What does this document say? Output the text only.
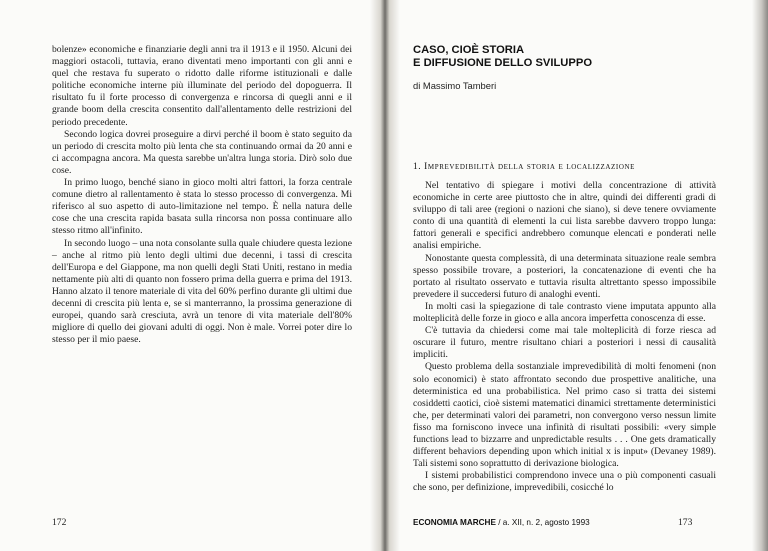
bolenze» economiche e finanziarie degli anni tra il 1913 e il 1950. Alcuni dei maggiori ostacoli, tuttavia, erano diventati meno importanti con gli anni e quel che restava fu superato o ridotto dalle riforme istituzionali e dalle politiche economiche interne più illuminate del periodo del dopoguerra. Il risultato fu il forte processo di convergenza e rincorsa di quegli anni e il grande boom della crescita consentito dall'allentamento delle restrizioni del periodo precedente.

Secondo logica dovrei proseguire a dirvi perché il boom è stato seguito da un periodo di crescita molto più lenta che sta continuando ormai da 20 anni e ci accompagna ancora. Ma questa sarebbe un'altra lunga storia. Dirò solo due cose.

In primo luogo, benché siano in gioco molti altri fattori, la forza centrale comune dietro al rallentamento è stata lo stesso processo di convergenza. Mi riferisco al suo aspetto di auto-limitazione nel tempo. È nella natura delle cose che una crescita rapida basata sulla rincorsa non possa continuare allo stesso ritmo all'infinito.

In secondo luogo – una nota consolante sulla quale chiudere questa lezione – anche al ritmo più lento degli ultimi due decenni, i tassi di crescita dell'Europa e del Giappone, ma non quelli degli Stati Uniti, restano in media nettamente più alti di quanto non fossero prima della guerra e prima del 1913. Hanno alzato il tenore materiale di vita del 60% perfino durante gli ultimi due decenni di crescita più lenta e, se si manterranno, la prossima generazione di europei, quando sarà cresciuta, avrà un tenore di vita materiale dell'80% migliore di quello dei giovani adulti di oggi. Non è male. Vorrei poter dire lo stesso per il mio paese.

172
CASO, CIOÈ STORIA
E DIFFUSIONE DELLO SVILUPPO
di Massimo Tamberi
1. Imprevedibilità della storia e localizzazione

Nel tentativo di spiegare i motivi della concentrazione di attività economiche in certe aree piuttosto che in altre, quindi dei differenti gradi di sviluppo di tali aree (regioni o nazioni che siano), si deve tenere ovviamente conto di una quantità di elementi la cui lista sarebbe davvero troppo lunga: fattori generali e specifici andrebbero comunque elencati e ponderati nelle analisi empiriche.

Nonostante questa complessità, di una determinata situazione reale sembra spesso possibile trovare, a posteriori, la concatenazione di eventi che ha portato al risultato osservato e tuttavia risulta altrettanto spesso impossibile prevedere il succedersi futuro di analoghi eventi.

In molti casi la spiegazione di tale contrasto viene imputata appunto alla molteplicità delle forze in gioco e alla ancora imperfetta conoscenza di esse.

C'è tuttavia da chiedersi come mai tale molteplicità di forze riesca ad oscurare il futuro, mentre risultano chiari a posteriori i nessi di causalità impliciti.

Questo problema della sostanziale imprevedibilità di molti fenomeni (non solo economici) è stato affrontato secondo due prospettive analitiche, una deterministica ed una probabilistica. Nel primo caso si tratta dei sistemi cosiddetti caotici, cioè sistemi matematici dinamici strettamente deterministici che, per determinati valori dei parametri, non convergono verso nessun limite fisso ma forniscono invece una infinità di risultati possibili: «very simple functions lead to bizzarre and unpredictable results . . . One gets dramatically different behaviors depending upon which initial x is input» (Devaney 1989). Tali sistemi sono soprattutto di derivazione biologica.

I sistemi probabilistici comprendono invece una o più componenti casuali che sono, per definizione, imprevedibili, cosicché lo

ECONOMIA MARCHE / a. XII, n. 2, agosto 1993	173
